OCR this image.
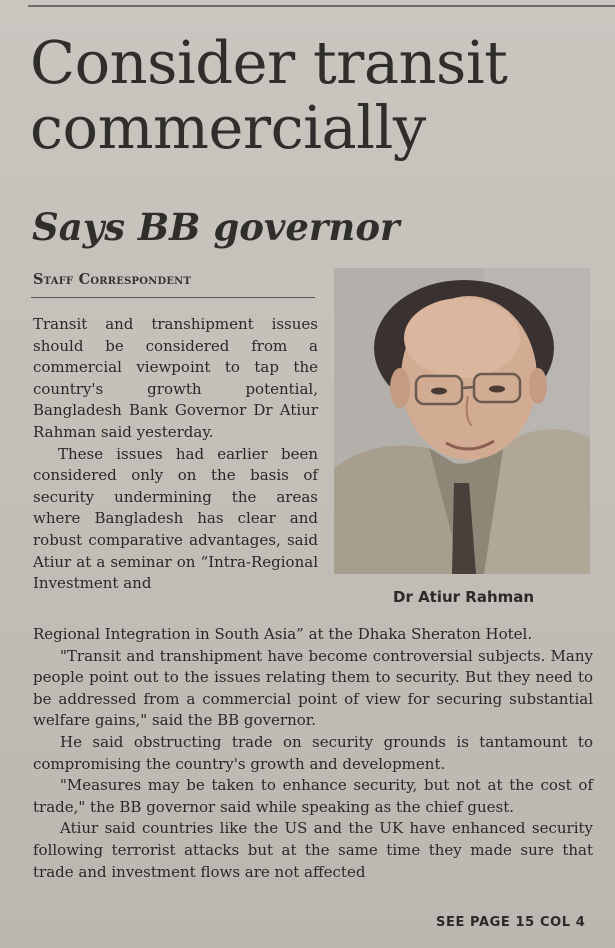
Consider transit
commercially
Says BB governor
Staff Correspondent

Transit and transhipment issues should be considered from a commercial viewpoint to tap the country's growth potential, Bangladesh Bank Governor Dr Atiur Rahman said yesterday.

These issues had earlier been considered only on the basis of security undermining the areas where Bangladesh has clear and robust comparative advantages, said Atiur at a seminar on “Intra-Regional Investment and

Dr Atiur Rahman

Regional Integration in South Asia” at the Dhaka Sheraton Hotel.

"Transit and transhipment have become controversial subjects. Many people point out to the issues relating them to security. But they need to be addressed from a commercial point of view for securing substantial welfare gains," said the BB governor.

He said obstructing trade on security grounds is tantamount to compromising the country's growth and development.

"Measures may be taken to enhance security, but not at the cost of trade," the BB governor said while speaking as the chief guest.

Atiur said countries like the US and the UK have enhanced security following terrorist attacks but at the same time they made sure that trade and investment flows are not affected

SEE PAGE 15 COL 4
